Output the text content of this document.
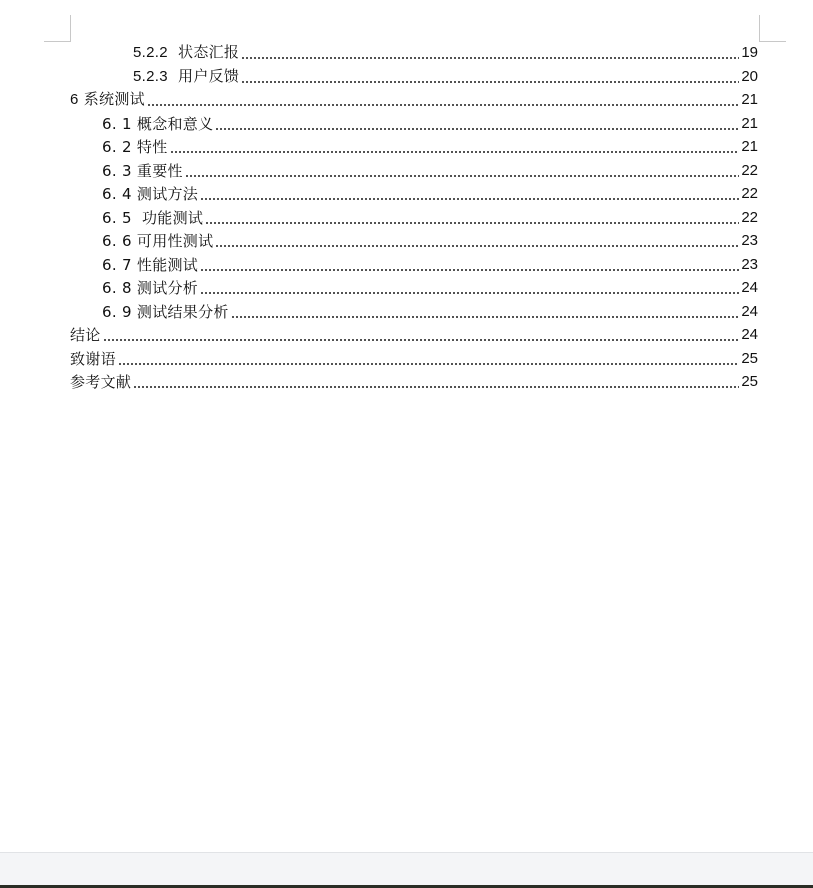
5.2.2 状态汇报	19
5.2.3 用户反馈	20
6 系统测试	21
6. 1 概念和意义	21
6. 2 特性	21
6. 3 重要性	22
6. 4 测试方法	22
6. 5  功能测试	22
6. 6 可用性测试	23
6. 7 性能测试	23
6. 8 测试分析	24
6. 9 测试结果分析	24
结论	24
致谢语	25
参考文献	25
